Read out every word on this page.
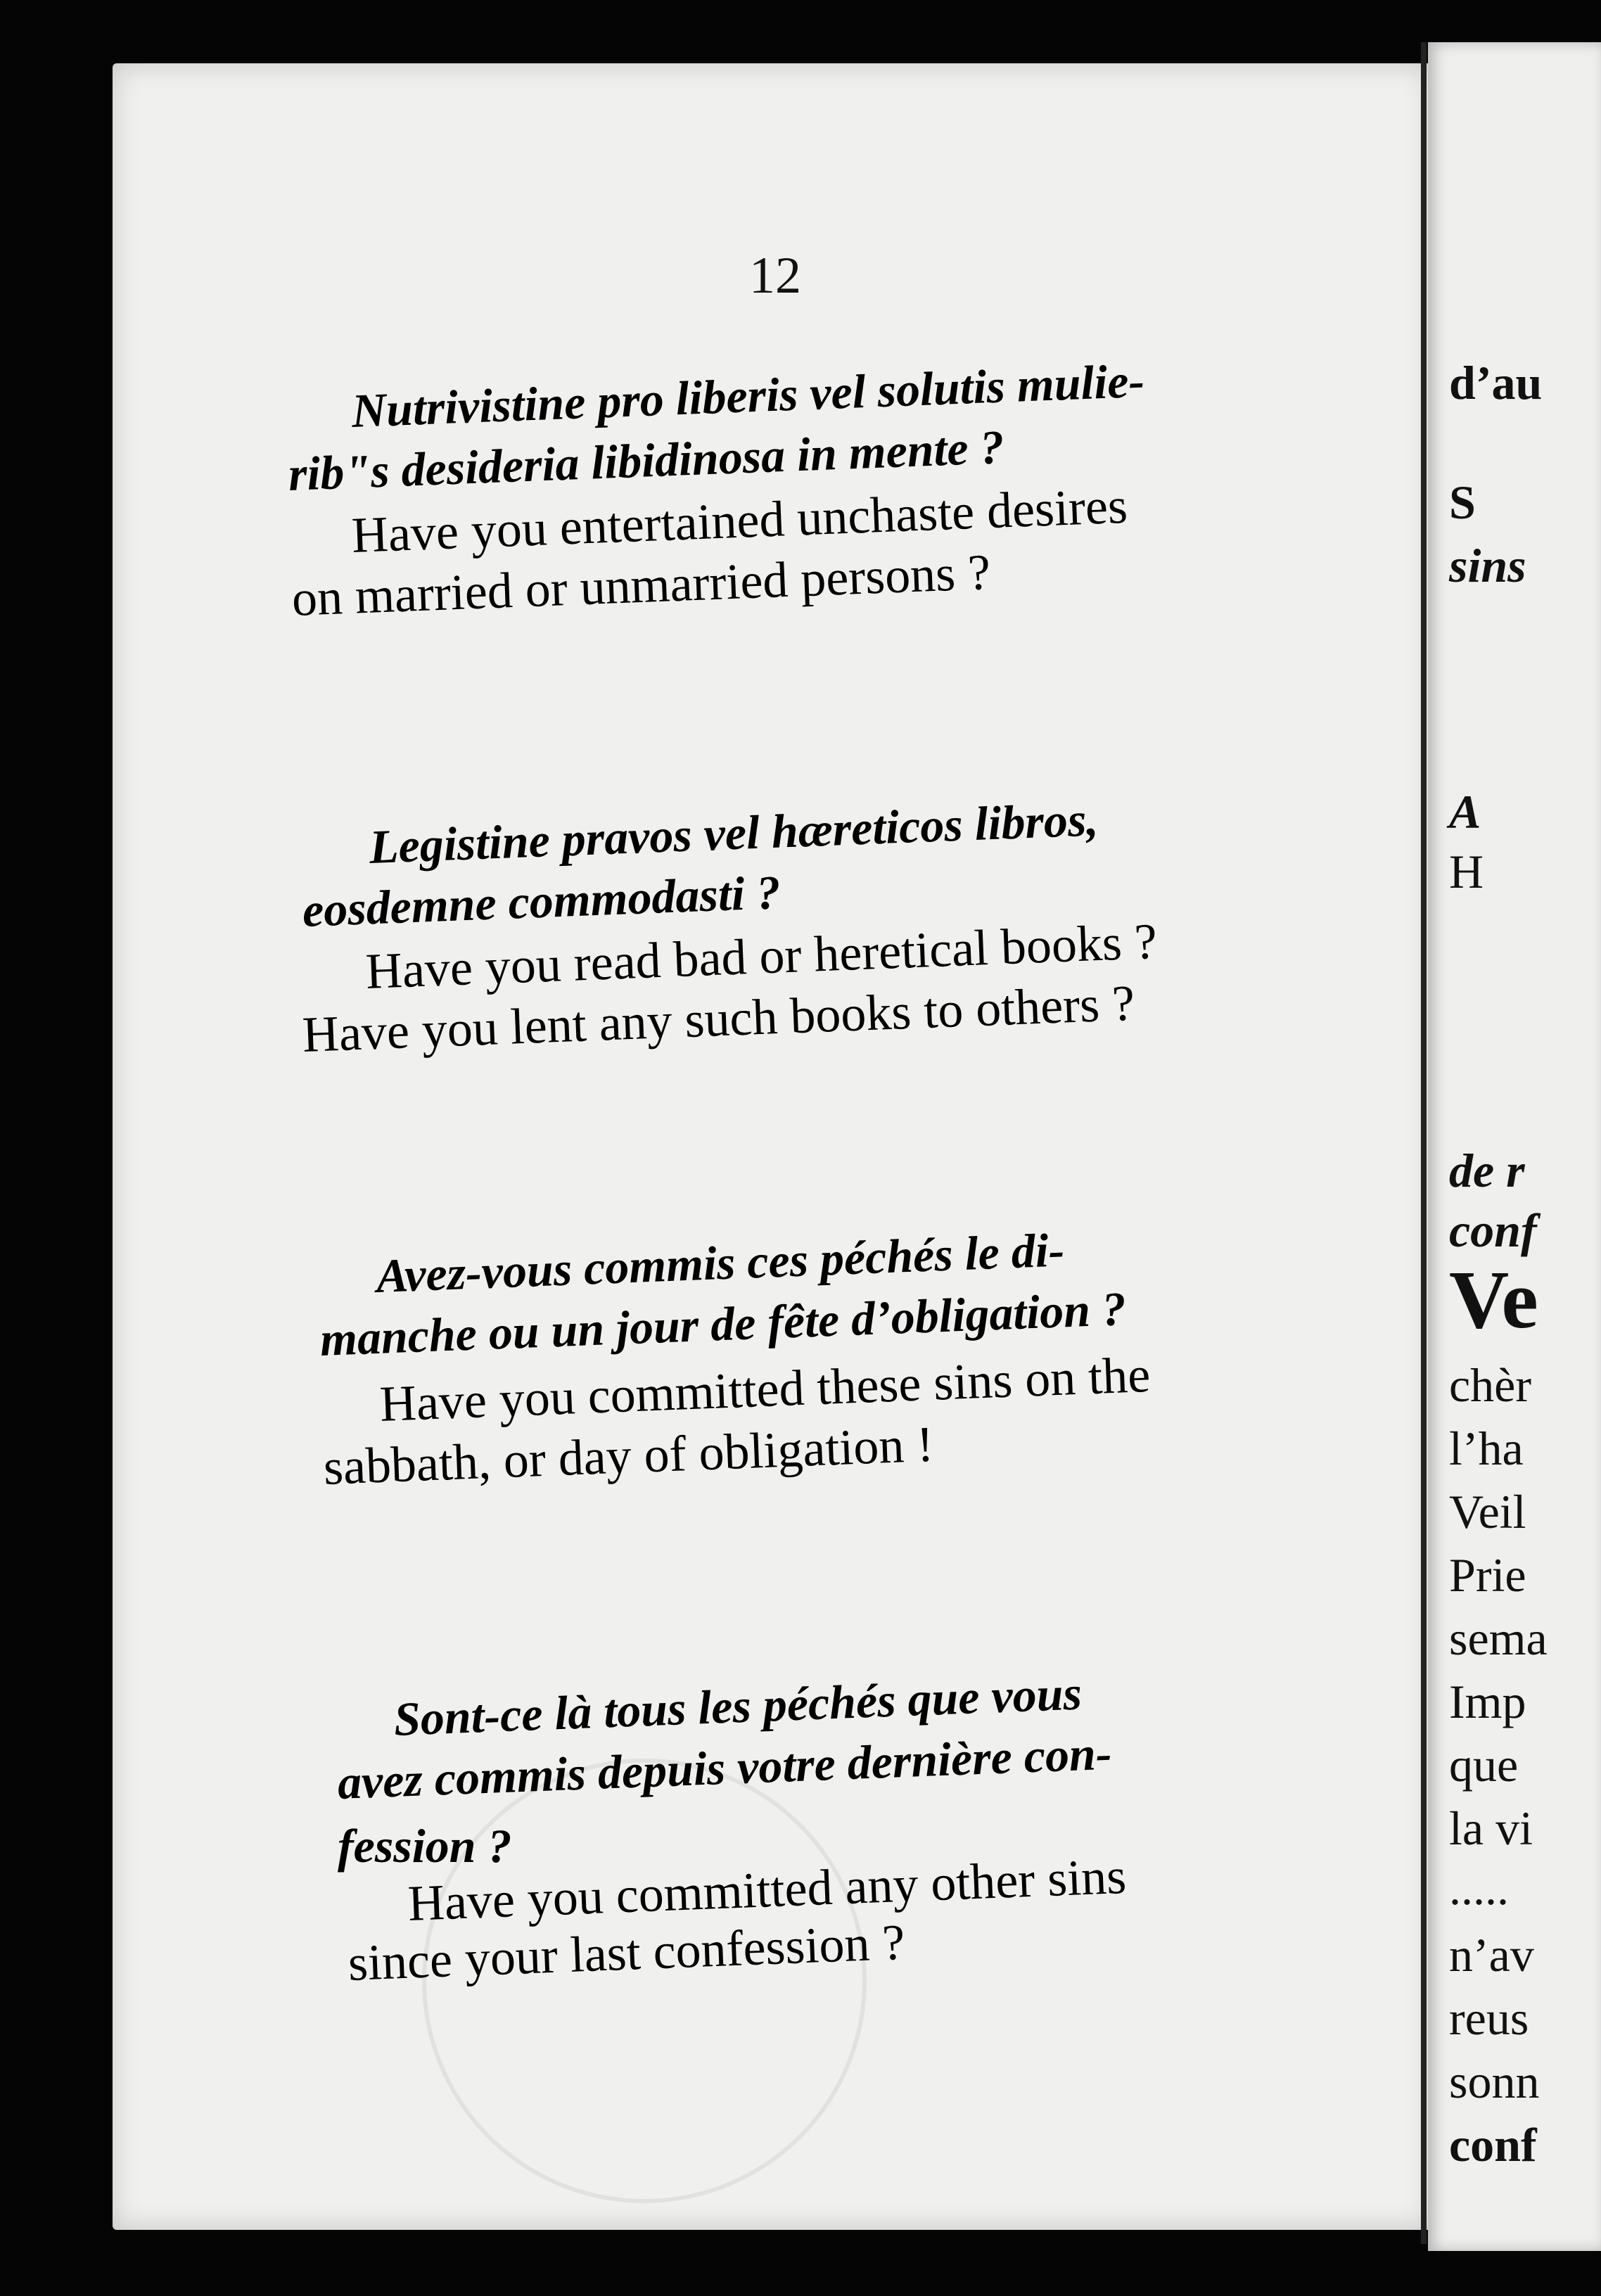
d’au
S
sins
A
H
de r
conf
Ve
chèr
l’ha
Veil
Prie
sema
Imp
que
la vi
.....
n’av
reus
sonn
conf

12
Nutrivistine pro liberis vel solutis mulie-
rib"s desideria libidinosa in mente ?
Have you entertained unchaste desires
on married or unmarried persons ?
Legistine pravos vel hæreticos libros,
eosdemne commodasti ?
Have you read bad or heretical books ?
Have you lent any such books to others ?
Avez-vous commis ces péchés le di-
manche ou un jour de fête d’obligation ?
Have you committed these sins on the
sabbath, or day of obligation !
Sont-ce là tous les péchés que vous
avez commis depuis votre dernière con-
fession ?
Have you committed any other sins
since your last confession ?
